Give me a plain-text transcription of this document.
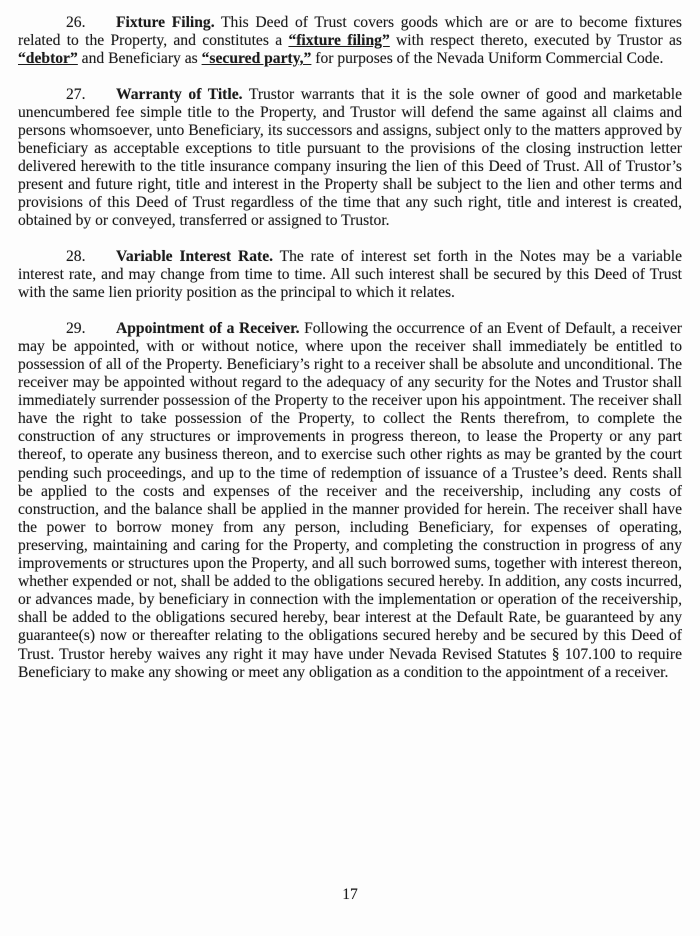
26. Fixture Filing. This Deed of Trust covers goods which are or are to become fixtures related to the Property, and constitutes a “fixture filing” with respect thereto, executed by Trustor as “debtor” and Beneficiary as “secured party,” for purposes of the Nevada Uniform Commercial Code.

27. Warranty of Title. Trustor warrants that it is the sole owner of good and marketable unencumbered fee simple title to the Property, and Trustor will defend the same against all claims and persons whomsoever, unto Beneficiary, its successors and assigns, subject only to the matters approved by beneficiary as acceptable exceptions to title pursuant to the provisions of the closing instruction letter delivered herewith to the title insurance company insuring the lien of this Deed of Trust. All of Trustor’s present and future right, title and interest in the Property shall be subject to the lien and other terms and provisions of this Deed of Trust regardless of the time that any such right, title and interest is created, obtained by or conveyed, transferred or assigned to Trustor.

28. Variable Interest Rate. The rate of interest set forth in the Notes may be a variable interest rate, and may change from time to time. All such interest shall be secured by this Deed of Trust with the same lien priority position as the principal to which it relates.

29. Appointment of a Receiver. Following the occurrence of an Event of Default, a receiver may be appointed, with or without notice, where upon the receiver shall immediately be entitled to possession of all of the Property. Beneficiary’s right to a receiver shall be absolute and unconditional. The receiver may be appointed without regard to the adequacy of any security for the Notes and Trustor shall immediately surrender possession of the Property to the receiver upon his appointment. The receiver shall have the right to take possession of the Property, to collect the Rents therefrom, to complete the construction of any structures or improvements in progress thereon, to lease the Property or any part thereof, to operate any business thereon, and to exercise such other rights as may be granted by the court pending such proceedings, and up to the time of redemption of issuance of a Trustee’s deed. Rents shall be applied to the costs and expenses of the receiver and the receivership, including any costs of construction, and the balance shall be applied in the manner provided for herein. The receiver shall have the power to borrow money from any person, including Beneficiary, for expenses of operating, preserving, maintaining and caring for the Property, and completing the construction in progress of any improvements or structures upon the Property, and all such borrowed sums, together with interest thereon, whether expended or not, shall be added to the obligations secured hereby. In addition, any costs incurred, or advances made, by beneficiary in connection with the implementation or operation of the receivership, shall be added to the obligations secured hereby, bear interest at the Default Rate, be guaranteed by any guarantee(s) now or thereafter relating to the obligations secured hereby and be secured by this Deed of Trust. Trustor hereby waives any right it may have under Nevada Revised Statutes § 107.100 to require Beneficiary to make any showing or meet any obligation as a condition to the appointment of a receiver.

17
